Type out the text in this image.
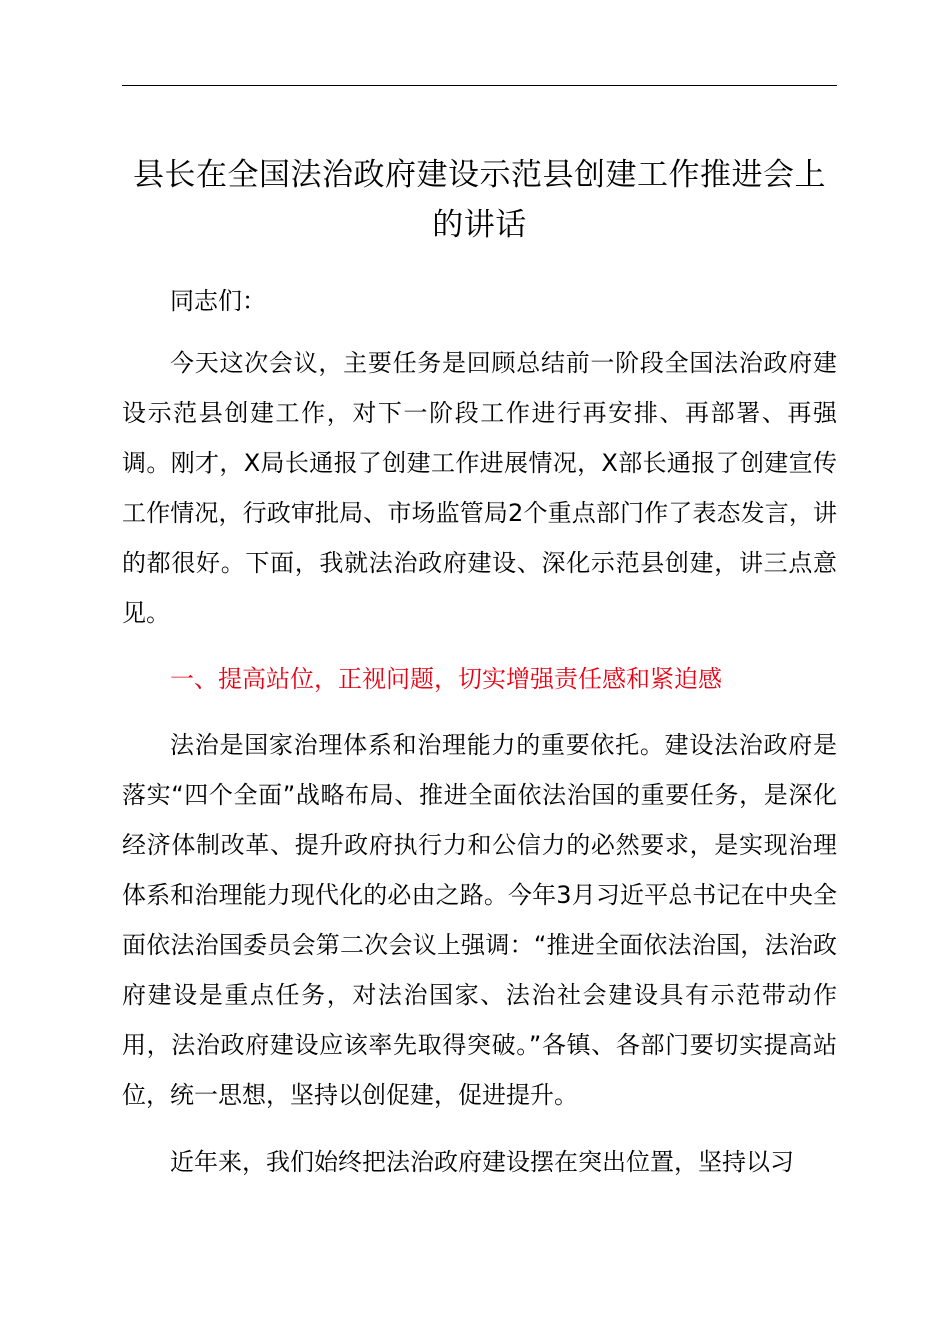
县长在全国法治政府建设示范县创建工作推进会上的讲话

同志们：

今天这次会议，主要任务是回顾总结前一阶段全国法治政府建设示范县创建工作，对下一阶段工作进行再安排、再部署、再强调。刚才，X局长通报了创建工作进展情况，X部长通报了创建宣传工作情况，行政审批局、市场监管局2个重点部门作了表态发言，讲的都很好。下面，我就法治政府建设、深化示范县创建，讲三点意见。

一、提高站位，正视问题，切实增强责任感和紧迫感

法治是国家治理体系和治理能力的重要依托。建设法治政府是落实“四个全面”战略布局、推进全面依法治国的重要任务，是深化经济体制改革、提升政府执行力和公信力的必然要求，是实现治理体系和治理能力现代化的必由之路。今年3月习近平总书记在中央全面依法治国委员会第二次会议上强调：“推进全面依法治国，法治政府建设是重点任务，对法治国家、法治社会建设具有示范带动作用，法治政府建设应该率先取得突破。”各镇、各部门要切实提高站位，统一思想，坚持以创促建，促进提升。

近年来，我们始终把法治政府建设摆在突出位置，坚持以习
